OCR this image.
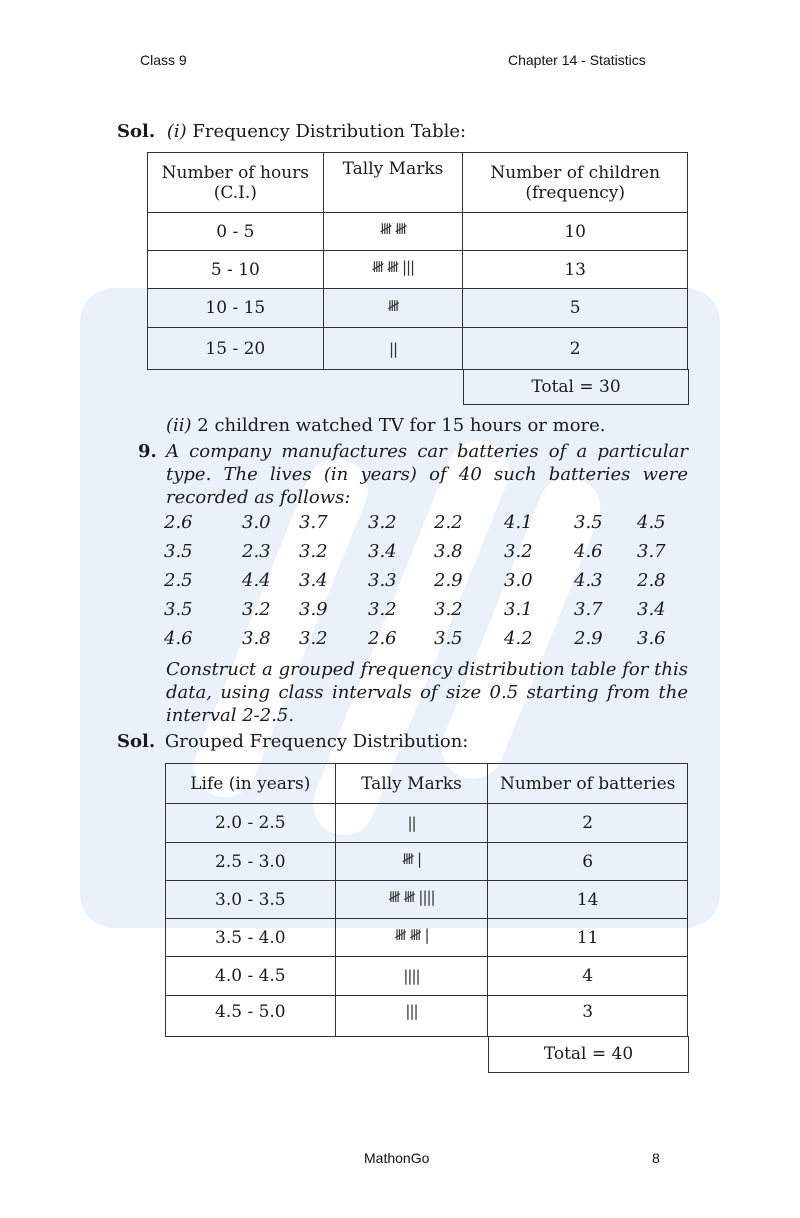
Class 9	Chapter 14 - Statistics
Sol. (i) Frequency Distribution Table:
Number of hours
(C.I.)	Tally Marks	Number of children
(frequency)
0 - 5	𝍸 𝍸	10
5 - 10	𝍸 𝍸 |||	13
10 - 15	𝍸	5
15 - 20	||	2
Total = 30
(ii) 2 children watched TV for 15 hours or more.
9. A company manufactures car batteries of a particular type. The lives (in years) of 40 such batteries were recorded as follows:
2.6	3.0 3.7 3.2 2.2 4.1 3.5 4.5
3.5	2.3 3.2 3.4 3.8 3.2 4.6 3.7
2.5	4.4 3.4 3.3 2.9 3.0 4.3 2.8
3.5	3.2 3.9 3.2 3.2 3.1 3.7 3.4
4.6	3.8 3.2 2.6 3.5 4.2 2.9 3.6
Construct a grouped frequency distribution table for this data, using class intervals of size 0.5 starting from the interval 2-2.5.
Sol. Grouped Frequency Distribution:
Life (in years)	Tally Marks	Number of batteries
2.0 - 2.5	||	2
2.5 - 3.0	𝍸 |	6
3.0 - 3.5	𝍸 𝍸 ||||	14
3.5 - 4.0	𝍸 𝍸 |	11
4.0 - 4.5	||||	4
4.5 - 5.0	|||	3
Total = 40
MathonGo	8
